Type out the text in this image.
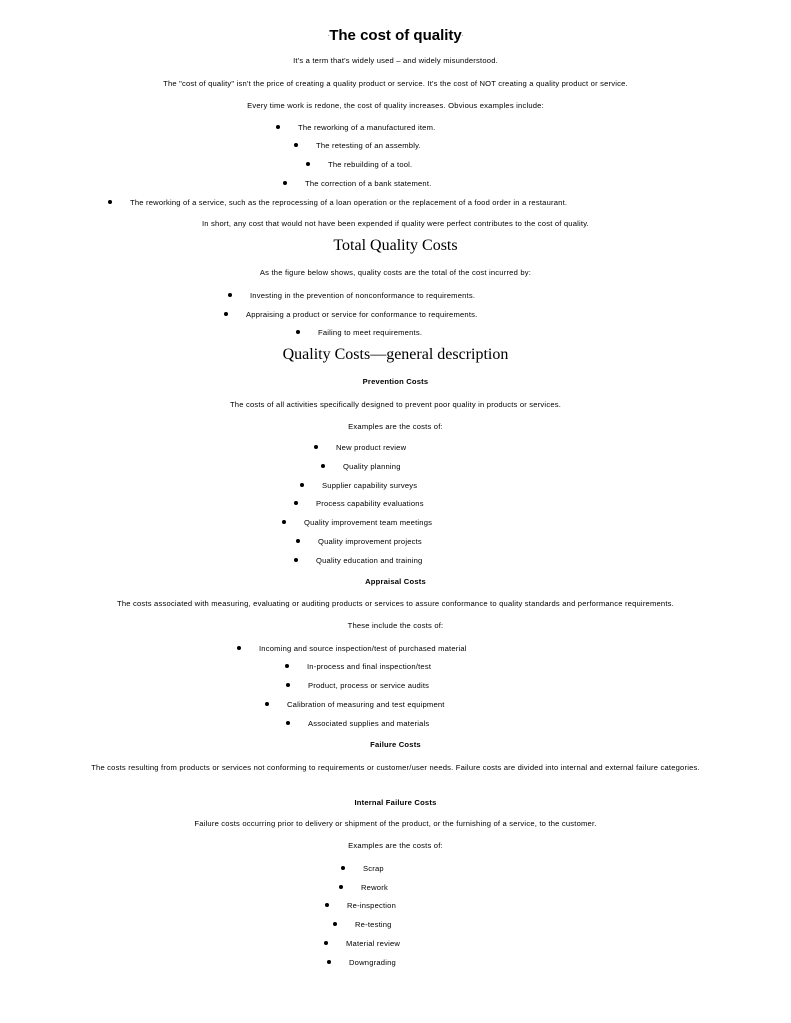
·The cost of quality·
It's a term that's widely used – and widely misunderstood.
The "cost of quality" isn't the price of creating a quality product or service. It's the cost of NOT creating a quality product or service.
Every time work is redone, the cost of quality increases. Obvious examples include:
The reworking of a manufactured item.
The retesting of an assembly.
The rebuilding of a tool.
The correction of a bank statement.
The reworking of a service, such as the reprocessing of a loan operation or the replacement of a food order in a restaurant.
In short, any cost that would not have been expended if quality were perfect contributes to the cost of quality.
Total Quality Costs
As the figure below shows, quality costs are the total of the cost incurred by:
Investing in the prevention of nonconformance to requirements.
Appraising a product or service for conformance to requirements.
Failing to meet requirements.
Quality Costs—general description
Prevention Costs
The costs of all activities specifically designed to prevent poor quality in products or services.
Examples are the costs of:
New product review
Quality planning
Supplier capability surveys
Process capability evaluations
Quality improvement team meetings
Quality improvement projects
Quality education and training
Appraisal Costs
The costs associated with measuring, evaluating or auditing products or services to assure conformance to quality standards and performance requirements.
These include the costs of:
Incoming and source inspection/test of purchased material
In-process and final inspection/test
Product, process or service audits
Calibration of measuring and test equipment
Associated supplies and materials
Failure Costs
The costs resulting from products or services not conforming to requirements or customer/user needs. Failure costs are divided into internal and external failure categories.
Internal Failure Costs
Failure costs occurring prior to delivery or shipment of the product, or the furnishing of a service, to the customer.
Examples are the costs of:
Scrap
Rework
Re-inspection
Re-testing
Material review
Downgrading
